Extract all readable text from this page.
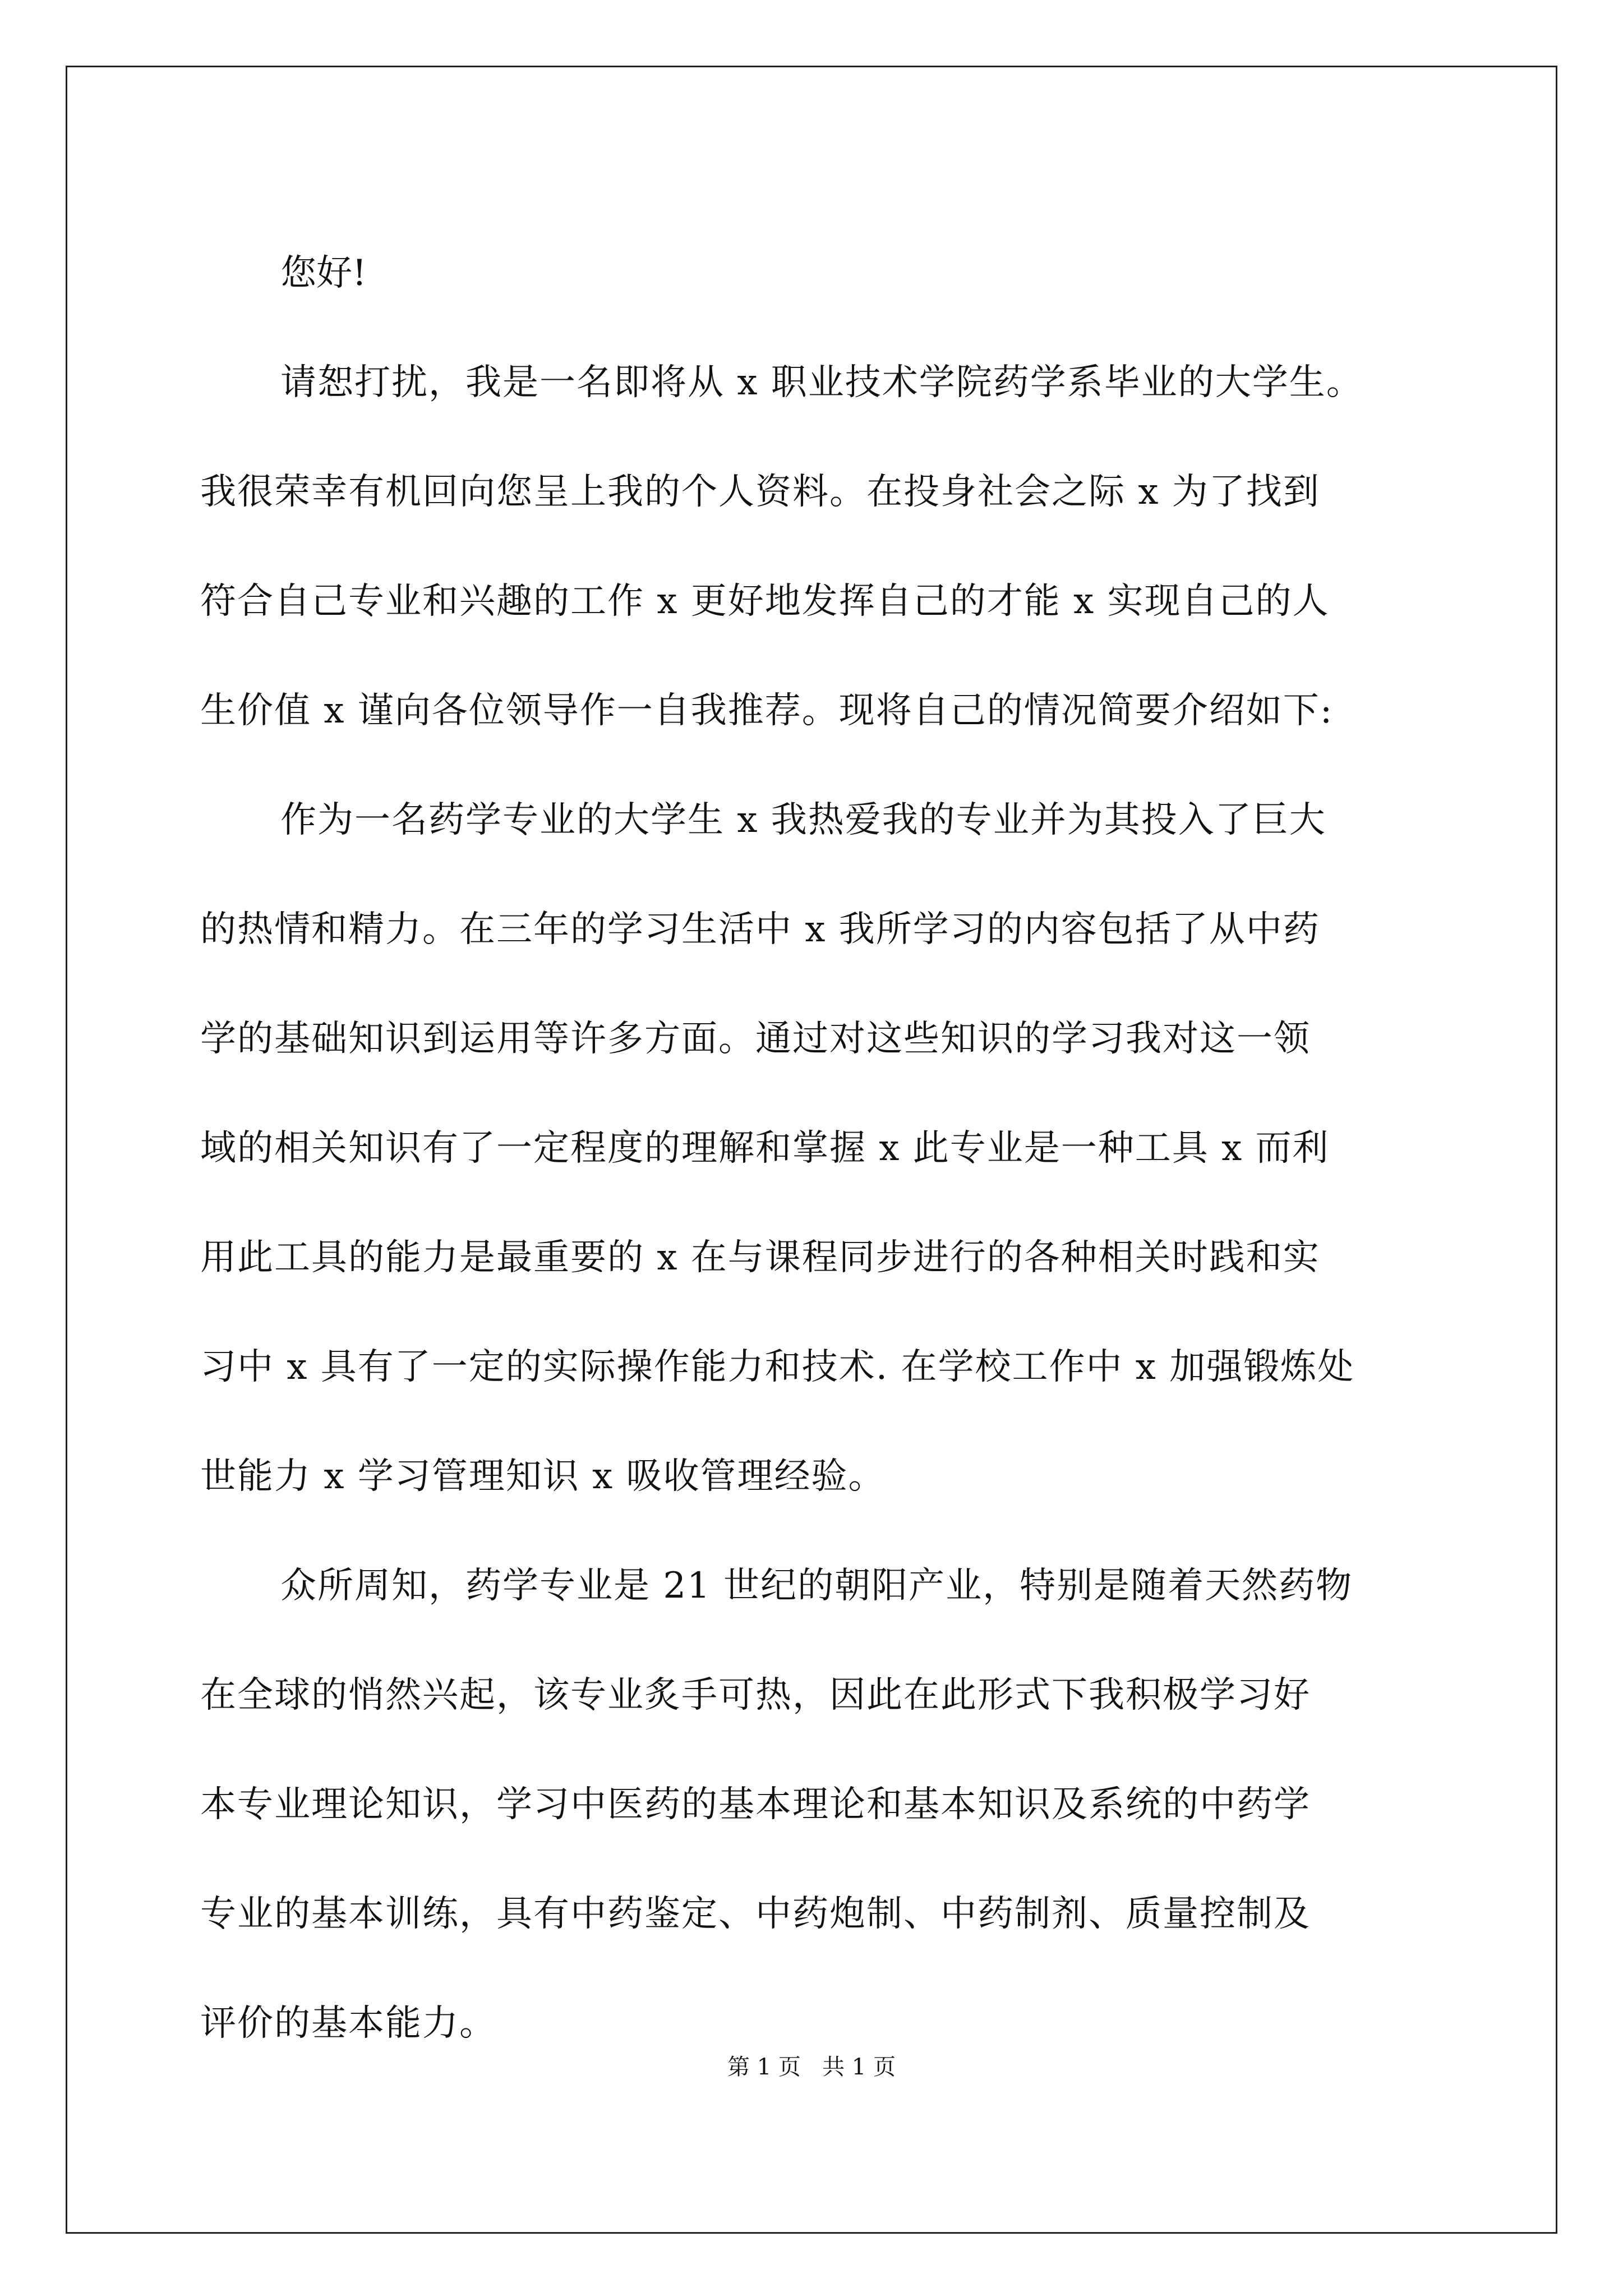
您好!

请恕打扰，我是一名即将从 x 职业技术学院药学系毕业的大学生。
我很荣幸有机回向您呈上我的个人资料。在投身社会之际 x 为了找到
符合自己专业和兴趣的工作 x 更好地发挥自己的才能 x 实现自己的人
生价值 x 谨向各位领导作一自我推荐。现将自己的情况简要介绍如下:
作为一名药学专业的大学生 x 我热爱我的专业并为其投入了巨大
的热情和精力。在三年的学习生活中 x 我所学习的内容包括了从中药
学的基础知识到运用等许多方面。通过对这些知识的学习我对这一领
域的相关知识有了一定程度的理解和掌握 x 此专业是一种工具 x 而利
用此工具的能力是最重要的 x 在与课程同步进行的各种相关时践和实
习中 x 具有了一定的实际操作能力和技术. 在学校工作中 x 加强锻炼处
世能力 x 学习管理知识 x 吸收管理经验。
众所周知，药学专业是 21 世纪的朝阳产业，特别是随着天然药物
在全球的悄然兴起，该专业炙手可热，因此在此形式下我积极学习好
本专业理论知识，学习中医药的基本理论和基本知识及系统的中药学
专业的基本训练，具有中药鉴定、中药炮制、中药制剂、质量控制及
评价的基本能力。
第 1 页   共 1 页
